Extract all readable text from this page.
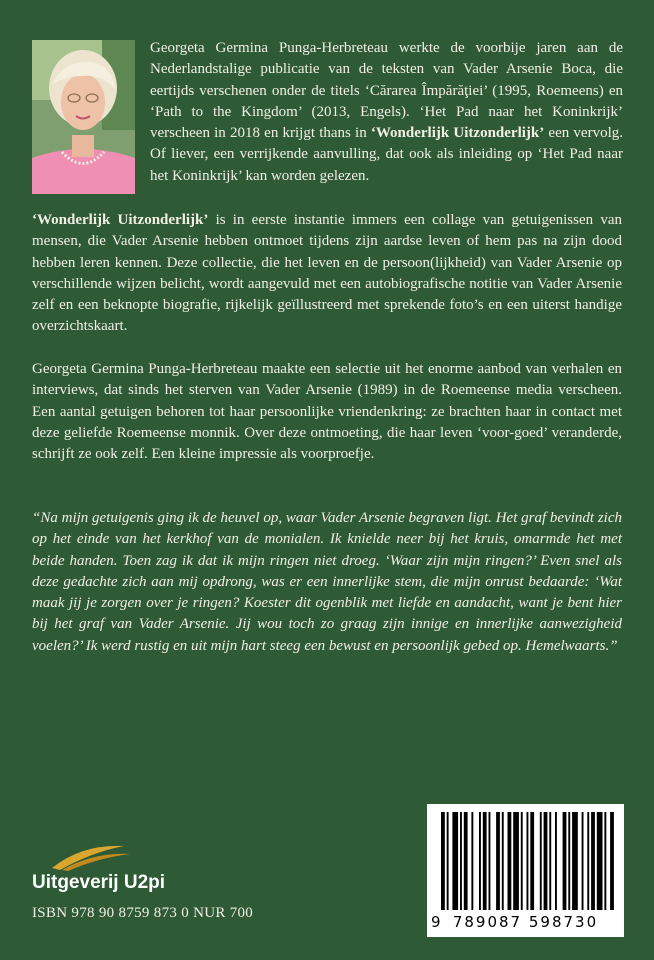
Georgeta Germina Punga-Herbreteau werkte de voorbije jaren aan de Nederlandstalige publicatie van de teksten van Vader Arsenie Boca, die eertijds verschenen onder de titels ‘Cărarea Împărăţiei’ (1995, Roemeens) en ‘Path to the Kingdom’ (2013, Engels). ‘Het Pad naar het Koninkrijk’ verscheen in 2018 en krijgt thans in ‘Wonderlijk Uitzonderlijk’ een vervolg. Of liever, een verrijkende aanvulling, dat ook als inleiding op ‘Het Pad naar het Koninkrijk’ kan worden gelezen.

‘Wonderlijk Uitzonderlijk’ is in eerste instantie immers een collage van getuigenissen van mensen, die Vader Arsenie hebben ontmoet tijdens zijn aardse leven of hem pas na zijn dood hebben leren kennen. Deze collectie, die het leven en de persoon(lijkheid) van Vader Arsenie op verschillende wijzen belicht, wordt aangevuld met een autobiografische notitie van Vader Arsenie zelf en een beknopte biografie, rijkelijk geïllustreerd met sprekende foto’s en een uiterst handige overzichtskaart.

Georgeta Germina Punga-Herbreteau maakte een selectie uit het enorme aanbod van verhalen en interviews, dat sinds het sterven van Vader Arsenie (1989) in de Roemeense media verscheen. Een aantal getuigen behoren tot haar persoonlijke vriendenkring: ze brachten haar in contact met deze geliefde Roemeense monnik. Over deze ontmoeting, die haar leven ‘voor-goed’ veranderde, schrijft ze ook zelf. Een kleine impressie als voorproefje.

“Na mijn getuigenis ging ik de heuvel op, waar Vader Arsenie begraven ligt. Het graf bevindt zich op het einde van het kerkhof van de monialen. Ik knielde neer bij het kruis, omarmde het met beide handen. Toen zag ik dat ik mijn ringen niet droeg. ‘Waar zijn mijn ringen?’ Even snel als deze gedachte zich aan mij opdrong, was er een innerlijke stem, die mijn onrust bedaarde: ‘Wat maak jij je zorgen over je ringen? Koester dit ogenblik met liefde en aandacht, want je bent hier bij het graf van Vader Arsenie. Jij wou toch zo graag zijn innige en innerlijke aanwezigheid voelen?’ Ik werd rustig en uit mijn hart steeg een bewust en persoonlijk gebed op. Hemelwaarts.”

Uitgeverij U2pi
ISBN 978 90 8759 873 0 NUR 700	9 789087 598730
